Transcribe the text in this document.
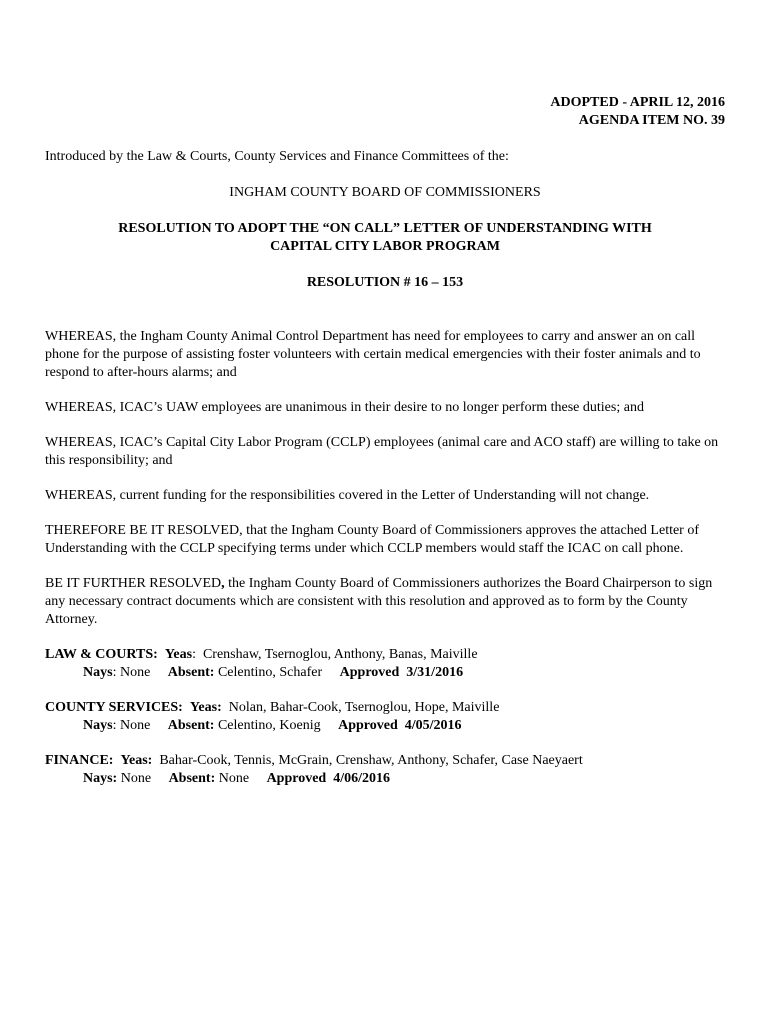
ADOPTED - APRIL 12, 2016
AGENDA ITEM NO. 39

Introduced by the Law & Courts, County Services and Finance Committees of the:

INGHAM COUNTY BOARD OF COMMISSIONERS

RESOLUTION TO ADOPT THE “ON CALL” LETTER OF UNDERSTANDING WITH
CAPITAL CITY LABOR PROGRAM

RESOLUTION # 16 – 153

WHEREAS, the Ingham County Animal Control Department has need for employees to carry and answer an on call phone for the purpose of assisting foster volunteers with certain medical emergencies with their foster animals and to respond to after-hours alarms; and

WHEREAS, ICAC’s UAW employees are unanimous in their desire to no longer perform these duties; and

WHEREAS, ICAC’s Capital City Labor Program (CCLP) employees (animal care and ACO staff) are willing to take on this responsibility; and

WHEREAS, current funding for the responsibilities covered in the Letter of Understanding will not change.

THEREFORE BE IT RESOLVED, that the Ingham County Board of Commissioners approves the attached Letter of Understanding with the CCLP specifying terms under which CCLP members would staff the ICAC on call phone.

BE IT FURTHER RESOLVED, the Ingham County Board of Commissioners authorizes the Board Chairperson to sign any necessary contract documents which are consistent with this resolution and approved as to form by the County Attorney.

LAW & COURTS: Yeas: Crenshaw, Tsernoglou, Anthony, Banas, Maiville
Nays: None Absent: Celentino, Schafer Approved  3/31/2016
COUNTY SERVICES: Yeas: Nolan, Bahar-Cook, Tsernoglou, Hope, Maiville
Nays: None Absent: Celentino, Koenig Approved  4/05/2016
FINANCE: Yeas: Bahar-Cook, Tennis, McGrain, Crenshaw, Anthony, Schafer, Case Naeyaert
Nays: None Absent: None Approved  4/06/2016
